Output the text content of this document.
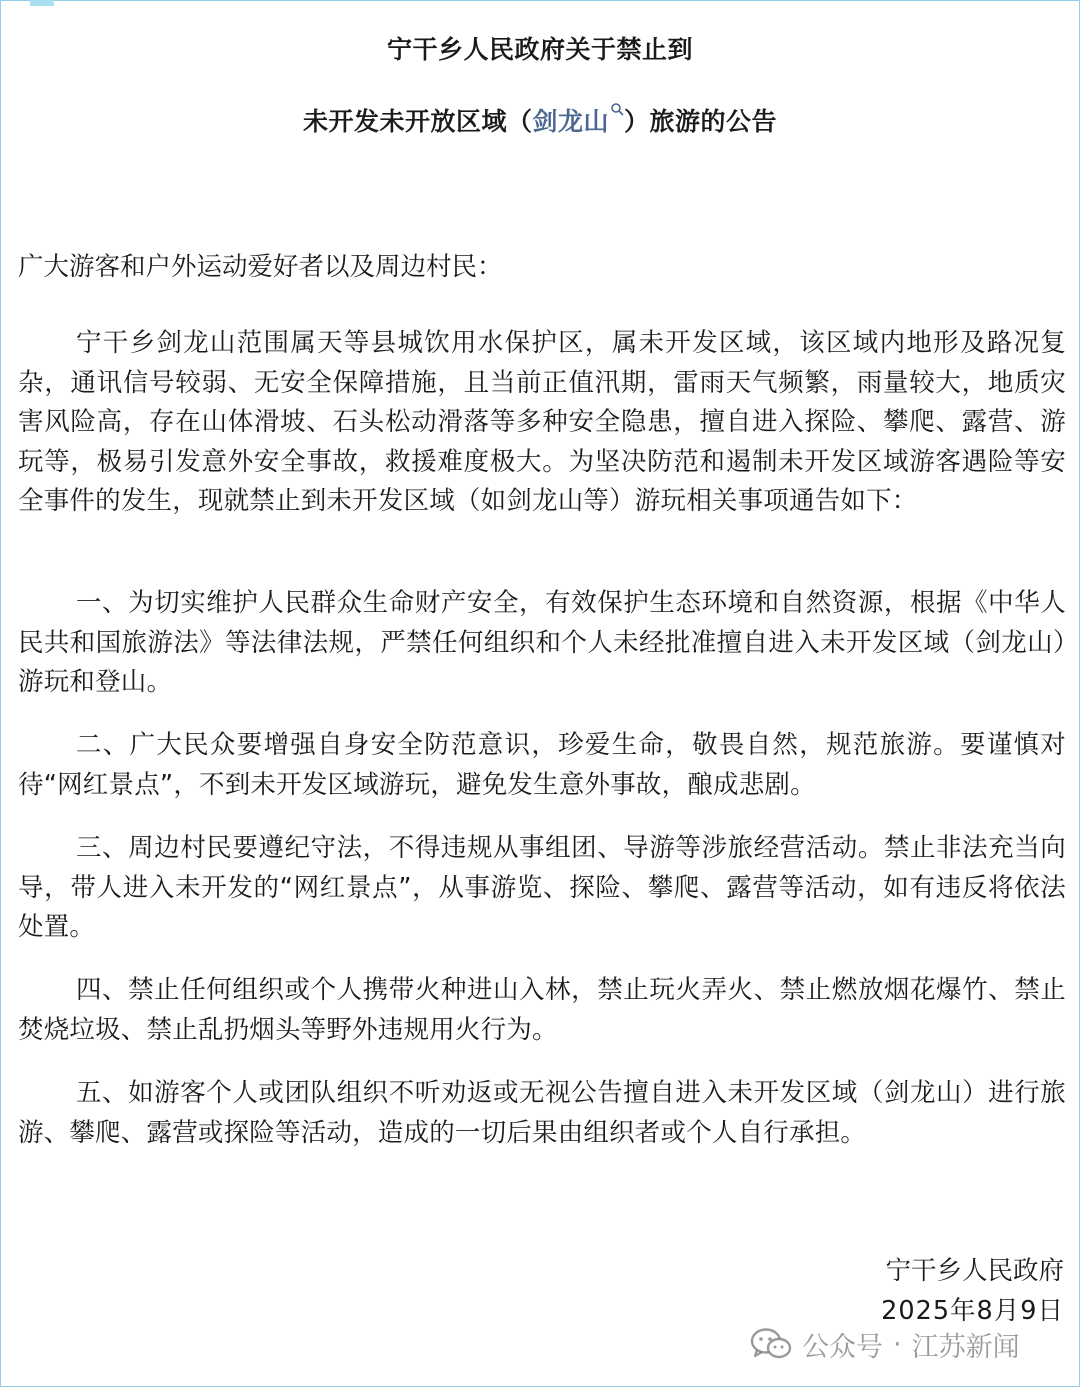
宁干乡人民政府关于禁止到
未开发未开放区域（剑龙山 ）旅游的公告
广大游客和户外运动爱好者以及周边村民：

宁干乡剑龙山范围属天等县城饮用水保护区，属未开发区域，该区域内地形及路况复杂，通讯信号较弱、无安全保障措施，且当前正值汛期，雷雨天气频繁，雨量较大，地质灾害风险高，存在山体滑坡、石头松动滑落等多种安全隐患，擅自进入探险、攀爬、露营、游玩等，极易引发意外安全事故，救援难度极大。为坚决防范和遏制未开发区域游客遇险等安全事件的发生，现就禁止到未开发区域（如剑龙山等）游玩相关事项通告如下：

一、为切实维护人民群众生命财产安全，有效保护生态环境和自然资源，根据《中华人民共和国旅游法》等法律法规，严禁任何组织和个人未经批准擅自进入未开发区域（剑龙山）游玩和登山。

二、广大民众要增强自身安全防范意识，珍爱生命，敬畏自然，规范旅游。要谨慎对待“网红景点”，不到未开发区域游玩，避免发生意外事故，酿成悲剧。

三、周边村民要遵纪守法，不得违规从事组团、导游等涉旅经营活动。禁止非法充当向导，带人进入未开发的“网红景点”，从事游览、探险、攀爬、露营等活动，如有违反将依法处置。

四、禁止任何组织或个人携带火种进山入林，禁止玩火弄火、禁止燃放烟花爆竹、禁止焚烧垃圾、禁止乱扔烟头等野外违规用火行为。

五、如游客个人或团队组织不听劝返或无视公告擅自进入未开发区域（剑龙山）进行旅游、攀爬、露营或探险等活动，造成的一切后果由组织者或个人自行承担。

宁干乡人民政府
2025年8月9日
公众号 · 江苏新闻
